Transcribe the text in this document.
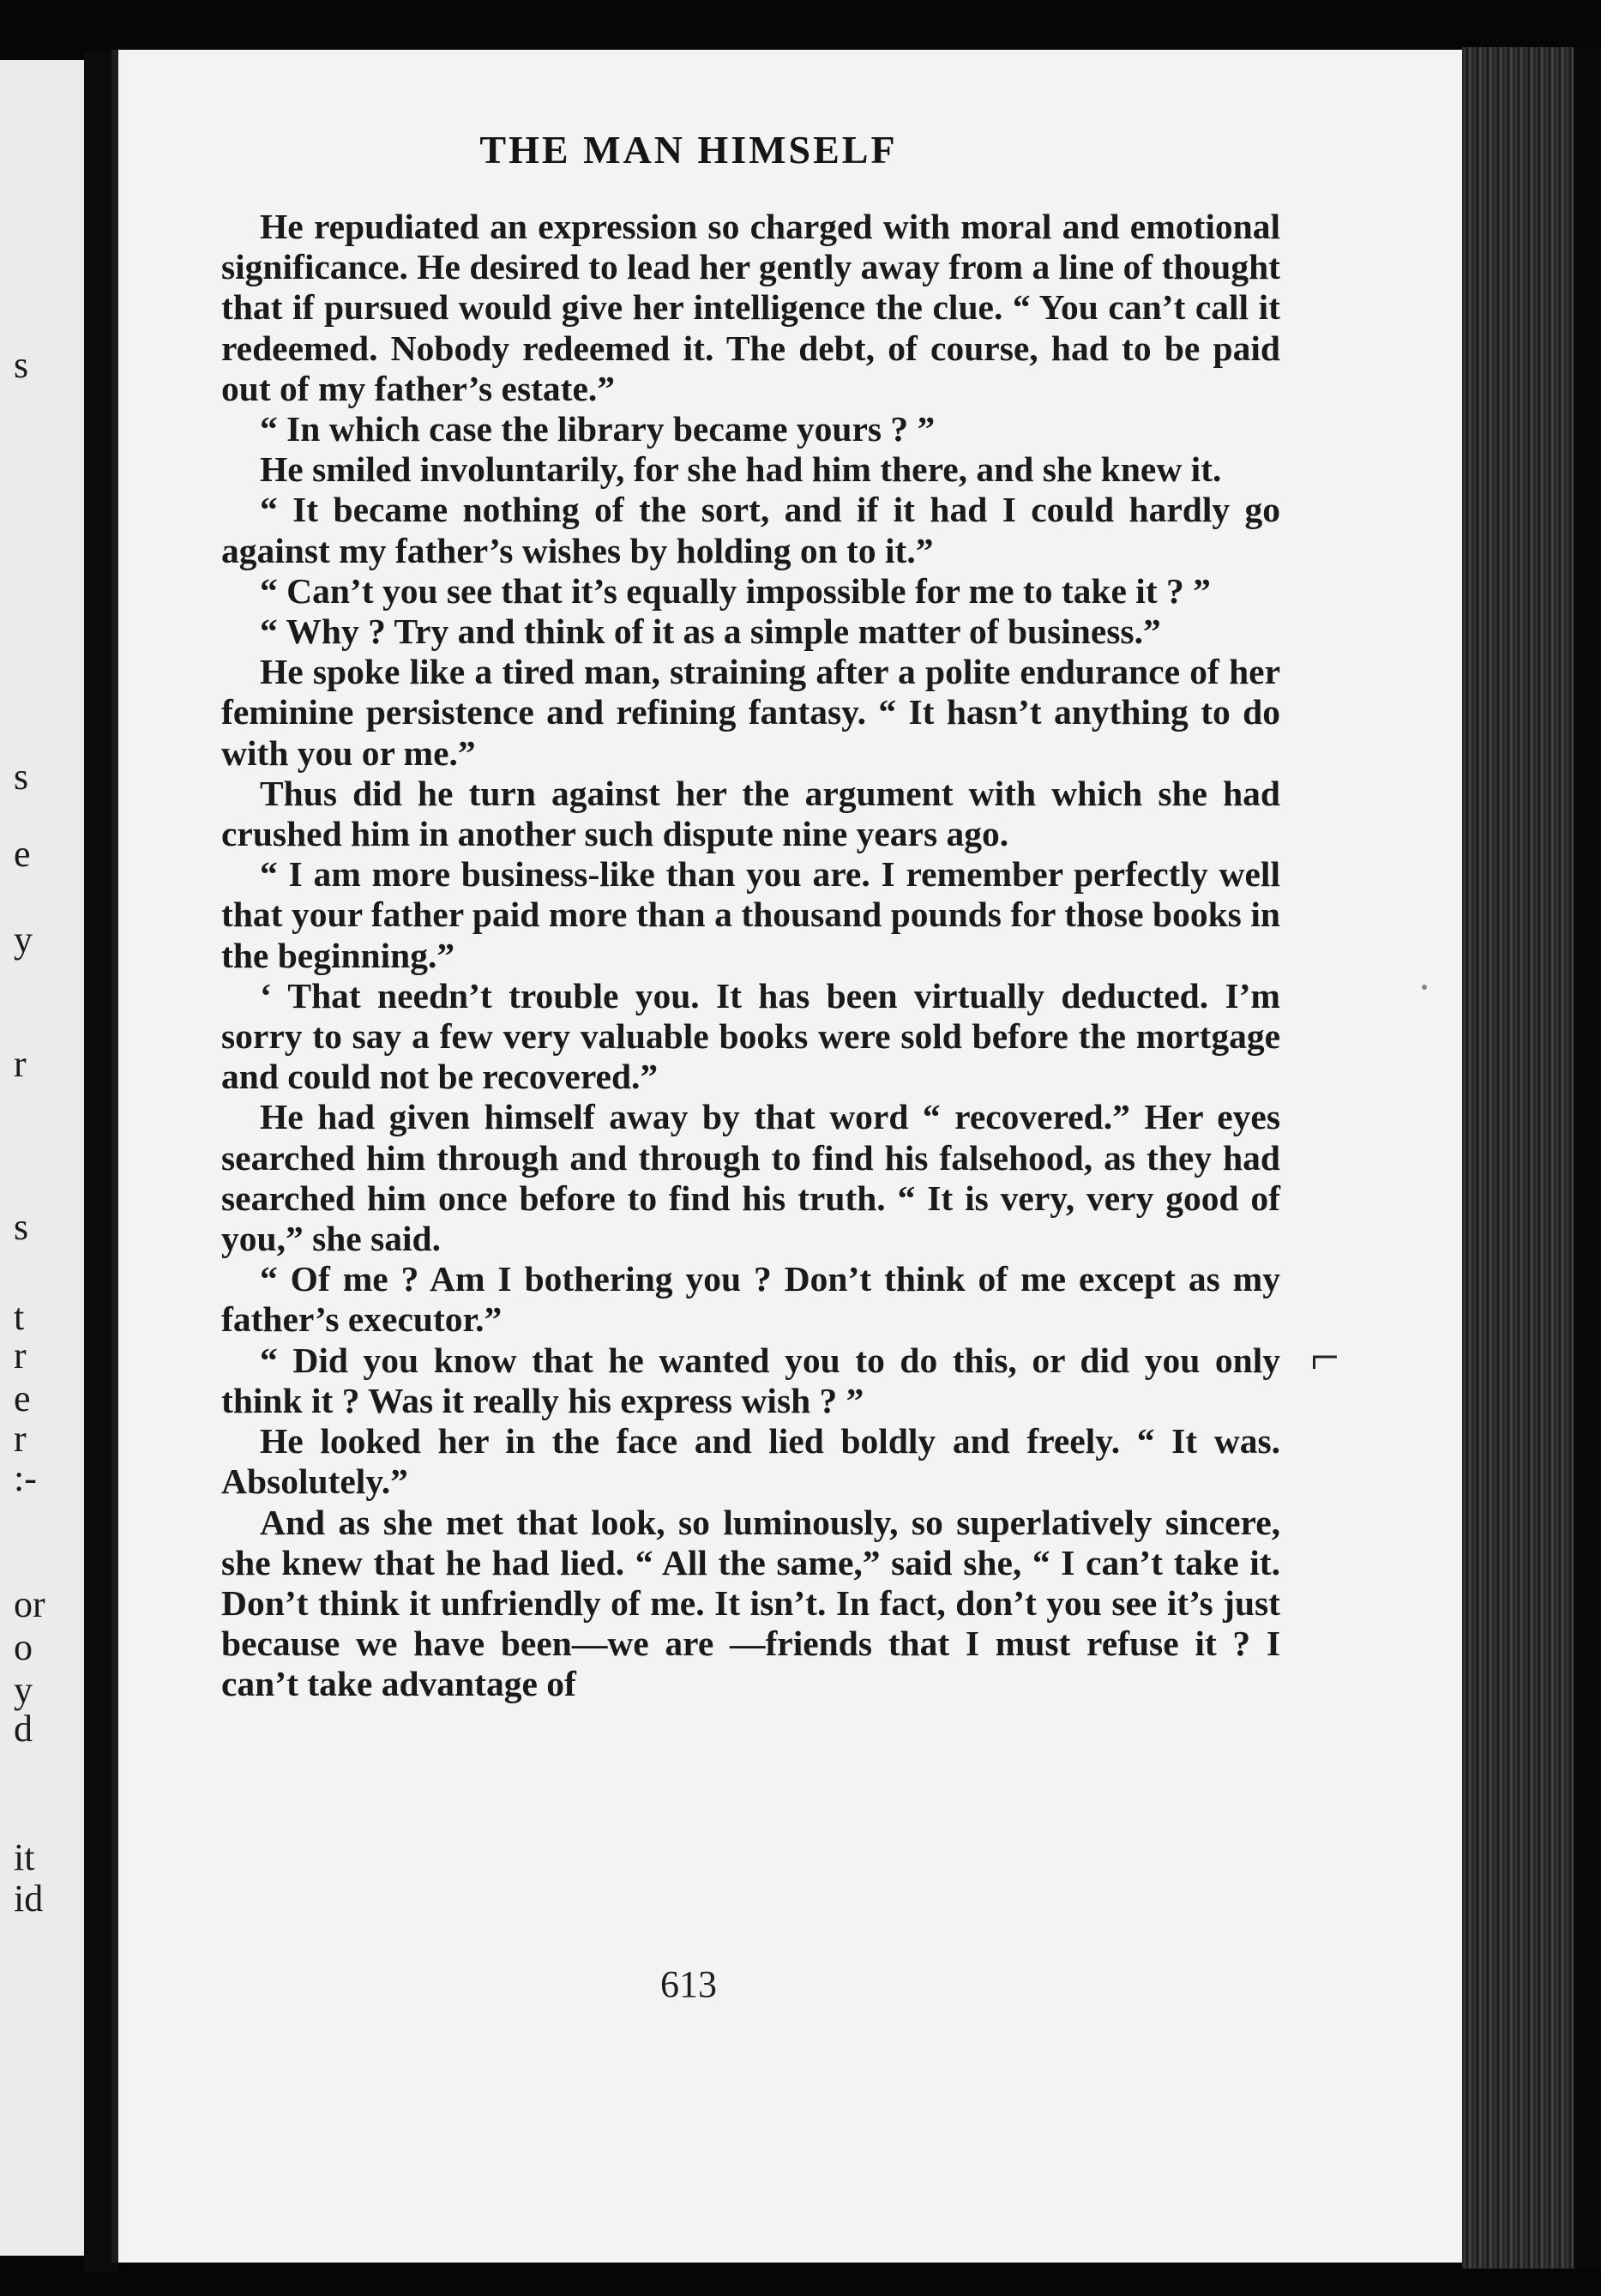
s
s
e
y
r
s
t
r
e
r
:-
or
o
y
d
it
id
THE MAN HIMSELF

He repudiated an expression so charged with moral and emotional significance. He desired to lead her gently away from a line of thought that if pursued would give her intelligence the clue. “ You can’t call it redeemed. Nobody redeemed it. The debt, of course, had to be paid out of my father’s estate.”

“ In which case the library became yours ? ”

He smiled involuntarily, for she had him there, and she knew it.

“ It became nothing of the sort, and if it had I could hardly go against my father’s wishes by holding on to it.”

“ Can’t you see that it’s equally impossible for me to take it ? ”

“ Why ? Try and think of it as a simple matter of business.”

He spoke like a tired man, straining after a polite endurance of her feminine persistence and refining fantasy. “ It hasn’t anything to do with you or me.”

Thus did he turn against her the argument with which she had crushed him in another such dispute nine years ago.

“ I am more business-like than you are. I remember perfectly well that your father paid more than a thousand pounds for those books in the beginning.”

‘ That needn’t trouble you. It has been virtually deducted. I’m sorry to say a few very valuable books were sold before the mortgage and could not be recovered.”

He had given himself away by that word “ recovered.” Her eyes searched him through and through to find his falsehood, as they had searched him once before to find his truth. “ It is very, very good of you,” she said.

“ Of me ? Am I bothering you ? Don’t think of me except as my father’s executor.”

“ Did you know that he wanted you to do this, or did you only think it ? Was it really his express wish ? ”

He looked her in the face and lied boldly and freely. “ It was. Absolutely.”

And as she met that look, so luminously, so superlatively sincere, she knew that he had lied. “ All the same,” said she, “ I can’t take it. Don’t think it unfriendly of me. It isn’t. In fact, don’t you see it’s just because we have been—we are —friends that I must refuse it ? I can’t take advantage of

613
⌐
